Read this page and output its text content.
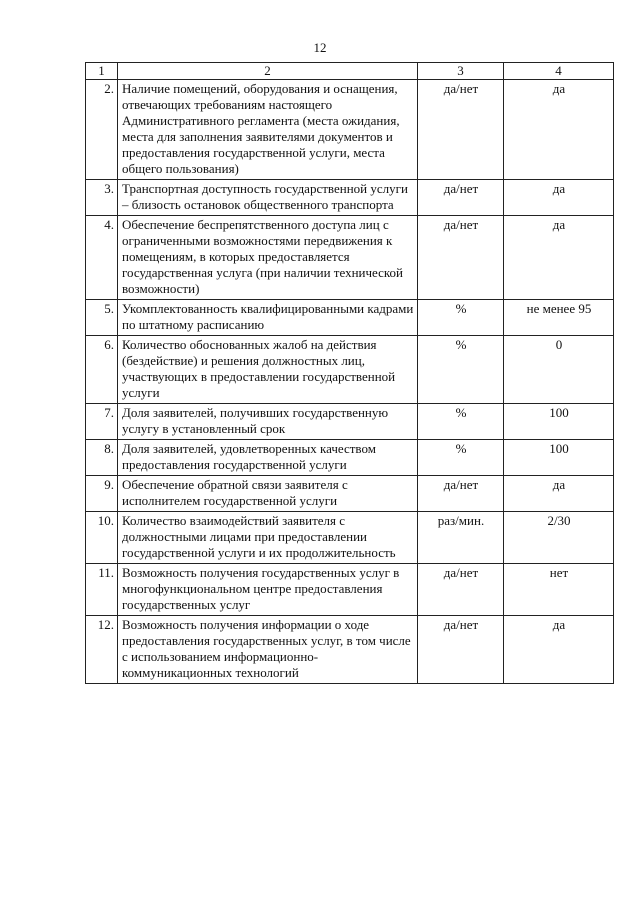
12
1	2	3	4
2.	Наличие помещений, оборудования и оснащения, отвечающих требованиям настоящего Административного регламента (места ожидания, места для заполнения заявителями документов и предоставления государственной услуги, места общего пользования)	да/нет	да
3.	Транспортная доступность государственной услуги – близость остановок общественного транспорта	да/нет	да
4.	Обеспечение беспрепятственного доступа лиц с ограниченными возможностями передвижения к помещениям, в которых предоставляется государственная услуга (при наличии технической возможности)	да/нет	да
5.	Укомплектованность квалифицированными кадрами по штатному расписанию	%	не менее 95
6.	Количество обоснованных жалоб на действия (бездействие) и решения должностных лиц, участвующих в предоставлении государственной услуги	%	0
7.	Доля заявителей, получивших государственную услугу в установленный срок	%	100
8.	Доля заявителей, удовлетворенных качеством предоставления государственной услуги	%	100
9.	Обеспечение обратной связи заявителя с исполнителем государственной услуги	да/нет	да
10.	Количество взаимодействий заявителя с должностными лицами при предоставлении государственной услуги и их продолжительность	раз/мин.	2/30
11.	Возможность получения государственных услуг в многофункциональном центре предоставления государственных услуг	да/нет	нет
12.	Возможность получения информации о ходе предоставления государственных услуг, в том числе с использованием информационно-коммуникационных технологий	да/нет	да
